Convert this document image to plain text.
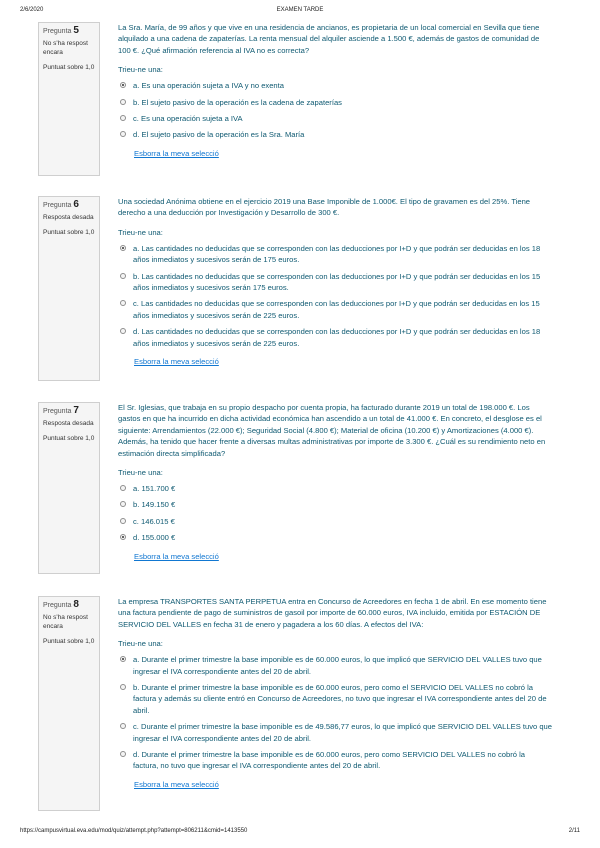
2/6/2020	EXAMEN TARDE
Pregunta 5
No s'ha respost encara
Puntuat sobre 1,0

La Sra. María, de 99 años y que vive en una residencia de ancianos, es propietaria de un local comercial en Sevilla que tiene alquilado a una cadena de zapaterías. La renta mensual del alquiler asciende a 1.500 €, además de gastos de comunidad de 100 €. ¿Qué afirmación referencia al IVA no es correcta?

Trieu-ne una:
a. Es una operación sujeta a IVA y no exenta
b. El sujeto pasivo de la operación es la cadena de zapaterías
c. Es una operación sujeta a IVA
d. El sujeto pasivo de la operación es la Sra. María
Esborra la meva selecció
Pregunta 6
Resposta desada
Puntuat sobre 1,0

Una sociedad Anónima obtiene en el ejercicio 2019 una Base Imponible de 1.000€. El tipo de gravamen es del 25%. Tiene derecho a una deducción por Investigación y Desarrollo de 300 €.

Trieu-ne una:
a. Las cantidades no deducidas que se corresponden con las deducciones por I+D y que podrán ser deducidas en los 18 años inmediatos y sucesivos serán de 175 euros.
b. Las cantidades no deducidas que se corresponden con las deducciones por I+D y que podrán ser deducidas en los 15 años inmediatos y sucesivos serán 175 euros.
c. Las cantidades no deducidas que se corresponden con las deducciones por I+D y que podrán ser deducidas en los 15 años inmediatos y sucesivos serán de 225 euros.
d. Las cantidades no deducidas que se corresponden con las deducciones por I+D y que podrán ser deducidas en los 18 años inmediatos y sucesivos serán de 225 euros.
Esborra la meva selecció
Pregunta 7
Resposta desada
Puntuat sobre 1,0

El Sr. Iglesias, que trabaja en su propio despacho por cuenta propia, ha facturado durante 2019 un total de 198.000 €. Los gastos en que ha incurrido en dicha actividad económica han ascendido a un total de 41.000 €. En concreto, el desglose es el siguiente: Arrendamientos (22.000 €); Seguridad Social (4.800 €); Material de oficina (10.200 €) y Amortizaciones (4.000 €). Además, ha tenido que hacer frente a diversas multas administrativas por importe de 3.300 €. ¿Cuál es su rendimiento neto en estimación directa simplificada?

Trieu-ne una:
a. 151.700 €
b. 149.150 €
c. 146.015 €
d. 155.000 €
Esborra la meva selecció
Pregunta 8
No s'ha respost encara
Puntuat sobre 1,0

La empresa TRANSPORTES SANTA PERPETUA entra en Concurso de Acreedores en fecha 1 de abril. En ese momento tiene una factura pendiente de pago de suministros de gasoil por importe de 60.000 euros, IVA incluido, emitida por ESTACIÓN DE SERVICIO DEL VALLES en fecha 31 de enero y pagadera a los 60 días. A efectos del IVA:

Trieu-ne una:
a. Durante el primer trimestre la base imponible es de 60.000 euros, lo que implicó que SERVICIO DEL VALLES tuvo que ingresar el IVA correspondiente antes del 20 de abril.
b. Durante el primer trimestre la base imponible es de 60.000 euros, pero como el SERVICIO DEL VALLES no cobró la factura y además su cliente entró en Concurso de Acreedores, no tuvo que ingresar el IVA correspondiente antes del 20 de abril.
c. Durante el primer trimestre la base imponible es de 49.586,77 euros, lo que implicó que SERVICIO DEL VALLES tuvo que ingresar el IVA correspondiente antes del 20 de abril.
d. Durante el primer trimestre la base imponible es de 60.000 euros, pero como SERVICIO DEL VALLES no cobró la factura, no tuvo que ingresar el IVA correspondiente antes del 20 de abril.
Esborra la meva selecció
https://campusvirtual.eva.edu/mod/quiz/attempt.php?attempt=806211&cmid=1413550	2/11
